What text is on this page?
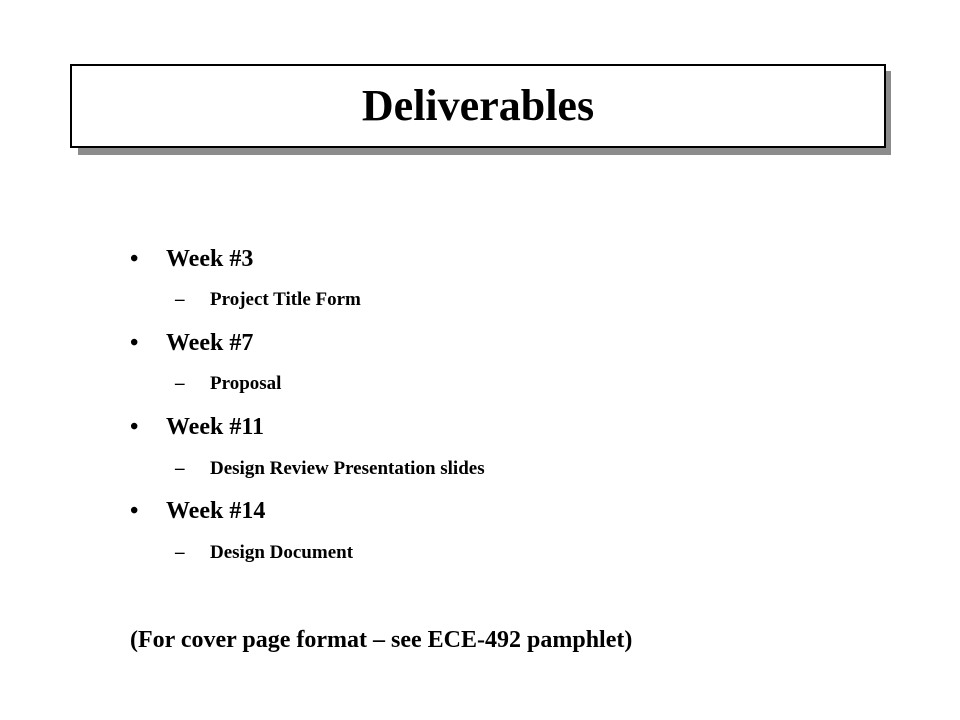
Deliverables
•	Week #3
–	Project Title Form
•	Week #7
–	Proposal
•	Week #11
–	Design Review Presentation slides
•	Week #14
–	Design Document
(For cover page format – see ECE-492 pamphlet)
